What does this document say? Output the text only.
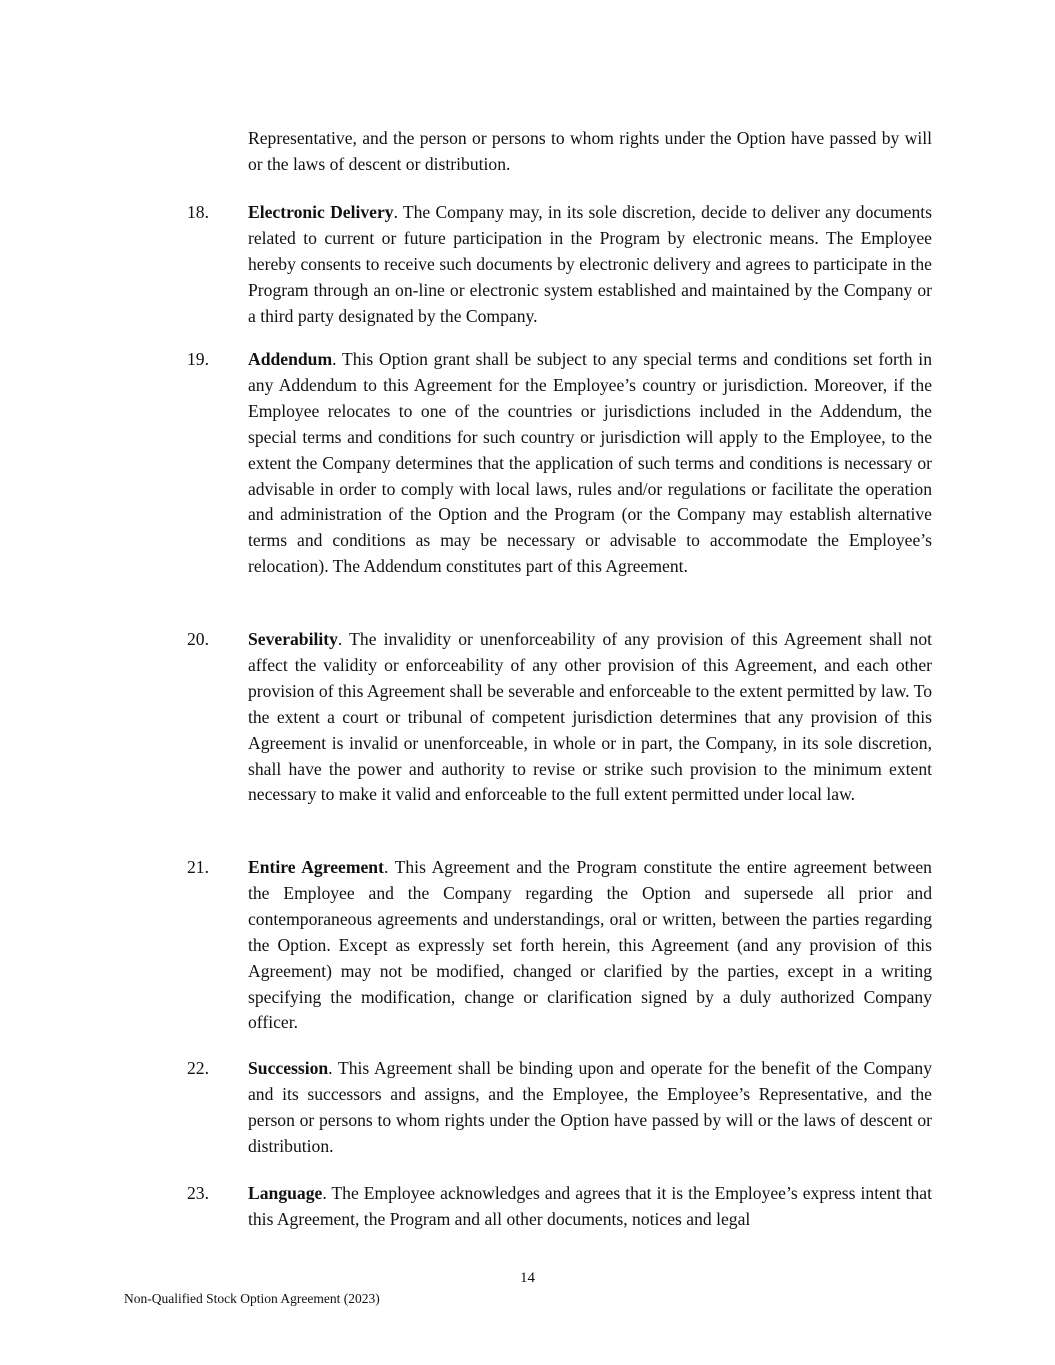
Representative, and the person or persons to whom rights under the Option have passed by will or the laws of descent or distribution.

18. Electronic Delivery. The Company may, in its sole discretion, decide to deliver any documents related to current or future participation in the Program by electronic means. The Employee hereby consents to receive such documents by electronic delivery and agrees to participate in the Program through an on-line or electronic system established and maintained by the Company or a third party designated by the Company.

19. Addendum. This Option grant shall be subject to any special terms and conditions set forth in any Addendum to this Agreement for the Employee’s country or jurisdiction. Moreover, if the Employee relocates to one of the countries or jurisdictions included in the Addendum, the special terms and conditions for such country or jurisdiction will apply to the Employee, to the extent the Company determines that the application of such terms and conditions is necessary or advisable in order to comply with local laws, rules and/or regulations or facilitate the operation and administration of the Option and the Program (or the Company may establish alternative terms and conditions as may be necessary or advisable to accommodate the Employee’s relocation). The Addendum constitutes part of this Agreement.

20. Severability. The invalidity or unenforceability of any provision of this Agreement shall not affect the validity or enforceability of any other provision of this Agreement, and each other provision of this Agreement shall be severable and enforceable to the extent permitted by law. To the extent a court or tribunal of competent jurisdiction determines that any provision of this Agreement is invalid or unenforceable, in whole or in part, the Company, in its sole discretion, shall have the power and authority to revise or strike such provision to the minimum extent necessary to make it valid and enforceable to the full extent permitted under local law.

21. Entire Agreement. This Agreement and the Program constitute the entire agreement between the Employee and the Company regarding the Option and supersede all prior and contemporaneous agreements and understandings, oral or written, between the parties regarding the Option. Except as expressly set forth herein, this Agreement (and any provision of this Agreement) may not be modified, changed or clarified by the parties, except in a writing specifying the modification, change or clarification signed by a duly authorized Company officer.

22. Succession. This Agreement shall be binding upon and operate for the benefit of the Company and its successors and assigns, and the Employee, the Employee’s Representative, and the person or persons to whom rights under the Option have passed by will or the laws of descent or distribution.

23. Language. The Employee acknowledges and agrees that it is the Employee’s express intent that this Agreement, the Program and all other documents, notices and legal

14
Non-Qualified Stock Option Agreement (2023)
